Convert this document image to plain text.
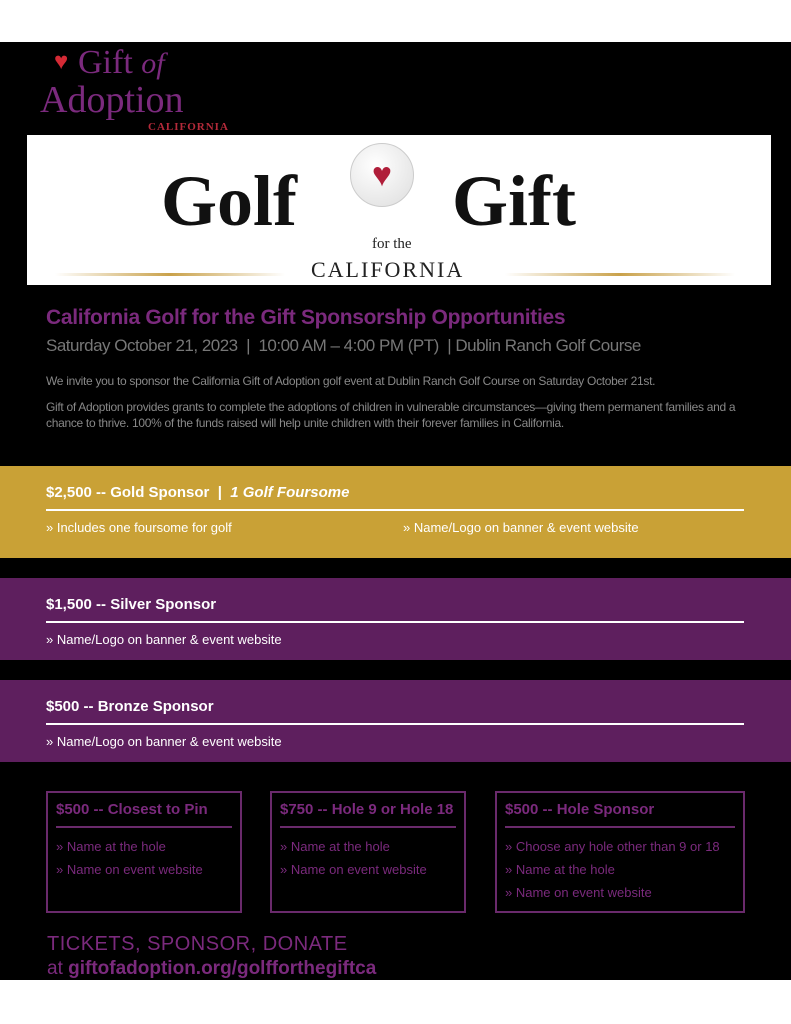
♥ Gift of
Adoption
CALIFORNIA
Golf	♥ Gift
for the
CALIFORNIA
California Golf for the Gift Sponsorship Opportunities
Saturday October 21, 2023  |  10:00 AM – 4:00 PM (PT)  | Dublin Ranch Golf Course
We invite you to sponsor the California Gift of Adoption golf event at Dublin Ranch Golf Course on Saturday October 21st.
Gift of Adoption provides grants to complete the adoptions of children in vulnerable circumstances—giving them permanent families and a chance to thrive. 100% of the funds raised will help unite children with their forever families in California.
$2,500 -- Gold Sponsor  |  1 Golf Foursome
» Includes one foursome for golf	» Name/Logo on banner & event website
$1,500 -- Silver Sponsor
» Name/Logo on banner & event website
$500 -- Bronze Sponsor
» Name/Logo on banner & event website
$500 -- Closest to Pin
» Name at the hole
» Name on event website
$750 -- Hole 9 or Hole 18
» Name at the hole
» Name on event website
$500 -- Hole Sponsor
» Choose any hole other than 9 or 18
» Name at the hole
» Name on event website
TICKETS, SPONSOR, DONATE
at giftofadoption.org/golfforthegiftca
